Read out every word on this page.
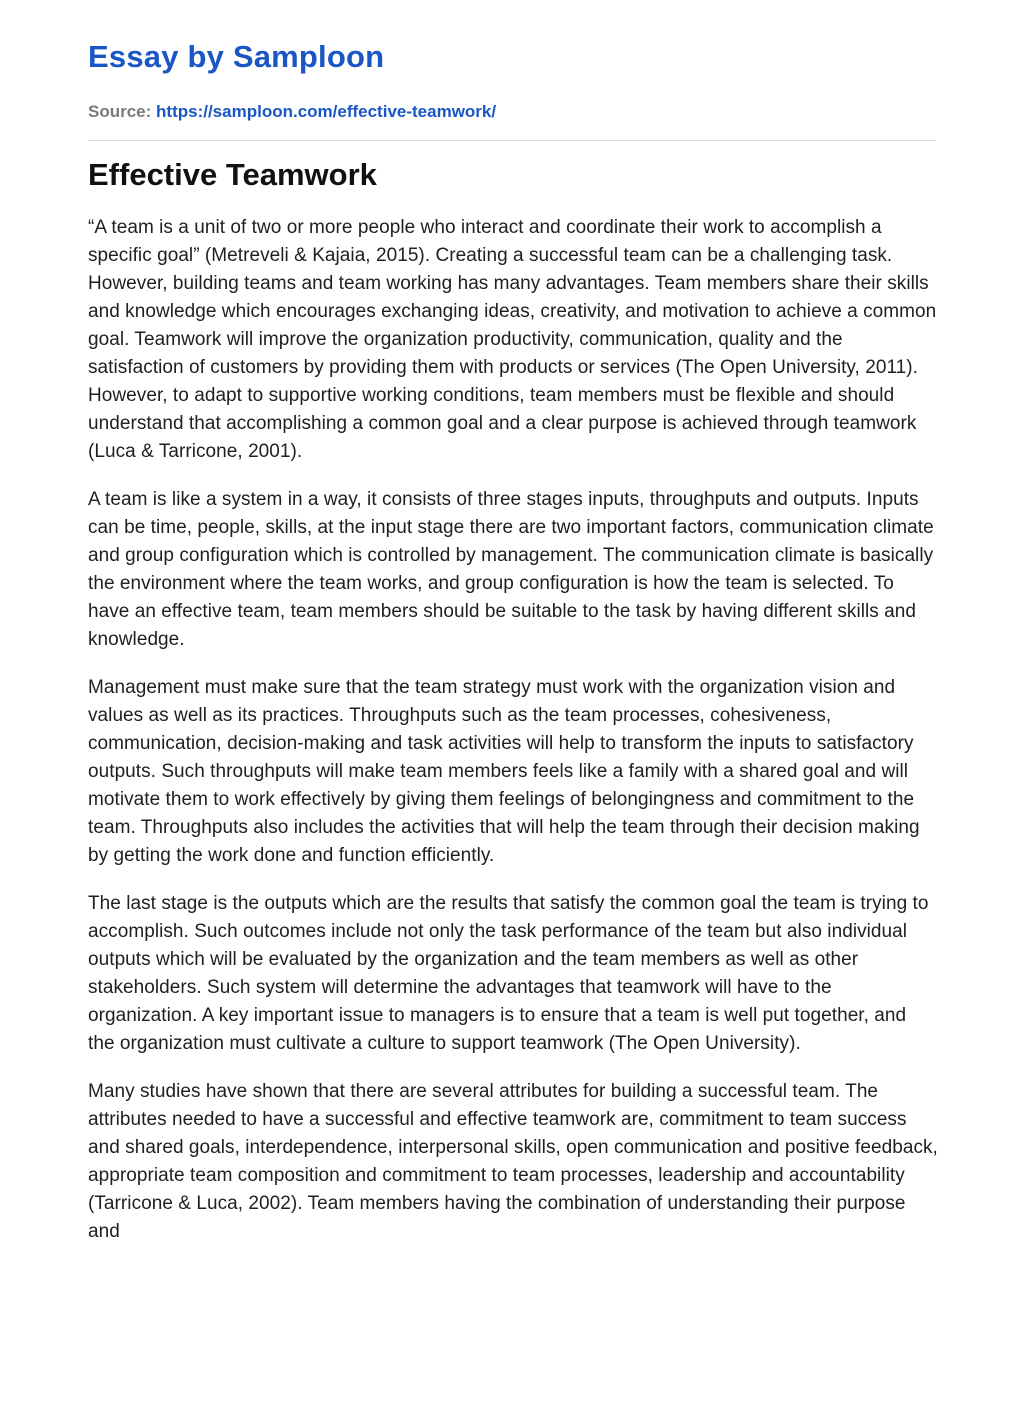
Essay by Samploon
Source: https://samploon.com/effective-teamwork/
Effective Teamwork

“A team is a unit of two or more people who interact and coordinate their work to accomplish a specific goal” (Metreveli & Kajaia, 2015). Creating a successful team can be a challenging task. However, building teams and team working has many advantages. Team members share their skills and knowledge which encourages exchanging ideas, creativity, and motivation to achieve a common goal. Teamwork will improve the organization productivity, communication, quality and the satisfaction of customers by providing them with products or services (The Open University, 2011). However, to adapt to supportive working conditions, team members must be flexible and should understand that accomplishing a common goal and a clear purpose is achieved through teamwork (Luca & Tarricone, 2001).

A team is like a system in a way, it consists of three stages inputs, throughputs and outputs. Inputs can be time, people, skills, at the input stage there are two important factors, communication climate and group configuration which is controlled by management. The communication climate is basically the environment where the team works, and group configuration is how the team is selected. To have an effective team, team members should be suitable to the task by having different skills and knowledge.

Management must make sure that the team strategy must work with the organization vision and values as well as its practices. Throughputs such as the team processes, cohesiveness, communication, decision-making and task activities will help to transform the inputs to satisfactory outputs. Such throughputs will make team members feels like a family with a shared goal and will motivate them to work effectively by giving them feelings of belongingness and commitment to the team. Throughputs also includes the activities that will help the team through their decision making by getting the work done and function efficiently.

The last stage is the outputs which are the results that satisfy the common goal the team is trying to accomplish. Such outcomes include not only the task performance of the team but also individual outputs which will be evaluated by the organization and the team members as well as other stakeholders. Such system will determine the advantages that teamwork will have to the organization. A key important issue to managers is to ensure that a team is well put together, and the organization must cultivate a culture to support teamwork (The Open University).

Many studies have shown that there are several attributes for building a successful team. The attributes needed to have a successful and effective teamwork are, commitment to team success and shared goals, interdependence, interpersonal skills, open communication and positive feedback, appropriate team composition and commitment to team processes, leadership and accountability (Tarricone & Luca, 2002). Team members having the combination of understanding their purpose and
